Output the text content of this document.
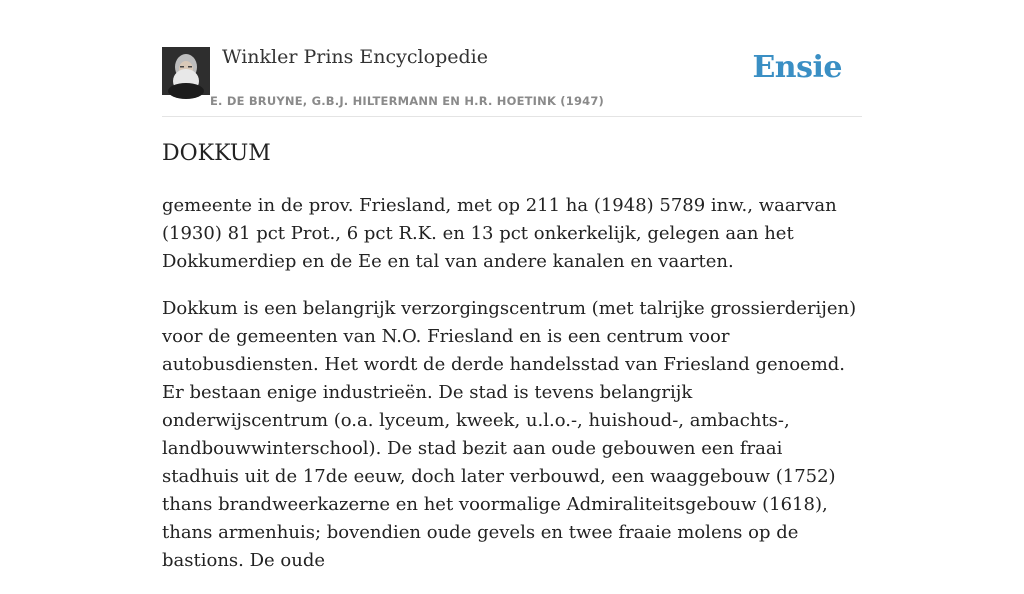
Winkler Prins Encyclopedie
E. DE BRUYNE, G.B.J. HILTERMANN EN H.R. HOETINK (1947)
Ensie
DOKKUM

gemeente in de prov. Friesland, met op 211 ha (1948) 5789 inw., waarvan (1930) 81 pct Prot., 6 pct R.K. en 13 pct onkerkelijk, gelegen aan het Dokkumerdiep en de Ee en tal van andere kanalen en vaarten.

Dokkum is een belangrijk verzorgingscentrum (met talrijke grossierderijen) voor de gemeenten van N.O. Friesland en is een centrum voor autobusdiensten. Het wordt de derde handelsstad van Friesland genoemd. Er bestaan enige industrieën. De stad is tevens belangrijk onderwijscentrum (o.a. lyceum, kweek, u.l.o.-, huishoud-, ambachts-, landbouwwinterschool). De stad bezit aan oude gebouwen een fraai stadhuis uit de 17de eeuw, doch later verbouwd, een waaggebouw (1752) thans brandweerkazerne en het voormalige Admiraliteitsgebouw (1618), thans armenhuis; bovendien oude gevels en twee fraaie molens op de bastions. De oude
